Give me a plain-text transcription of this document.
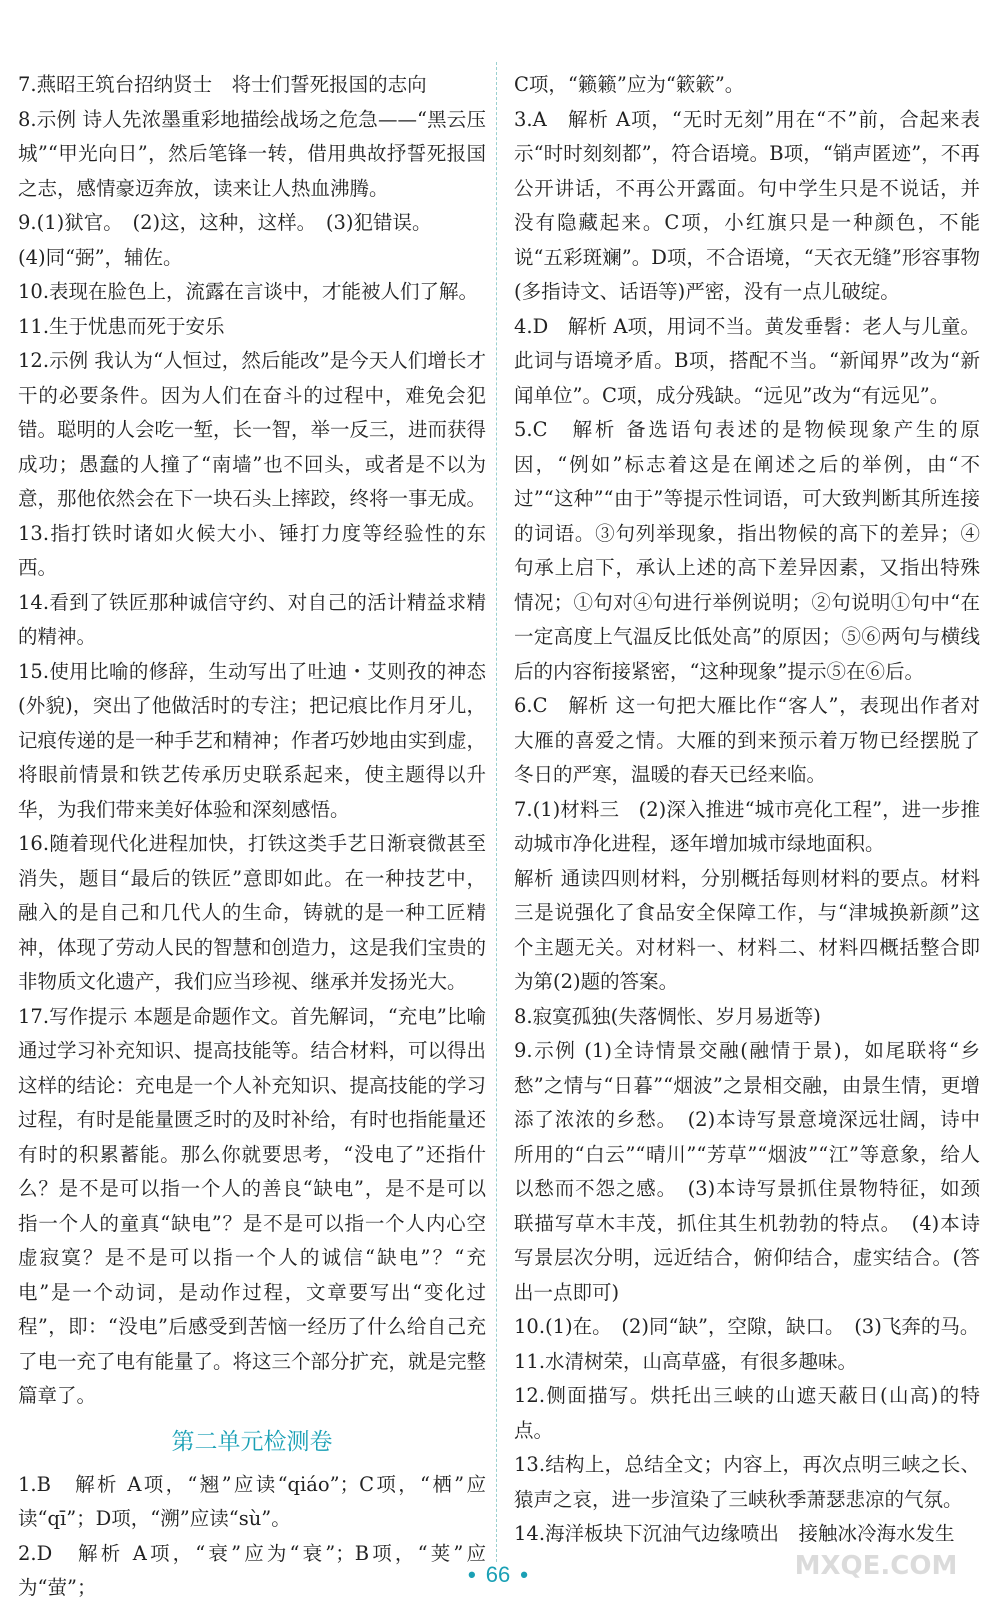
7.燕昭王筑台招纳贤士　将士们誓死报国的志向

8.示例 诗人先浓墨重彩地描绘战场之危急——“黑云压城”“甲光向日”，然后笔锋一转，借用典故抒誓死报国之志，感情豪迈奔放，读来让人热血沸腾。

9.(1)狱官。　(2)这，这种，这样。　(3)犯错误。

(4)同“弼”，辅佐。

10.表现在脸色上，流露在言谈中，才能被人们了解。

11.生于忧患而死于安乐

12.示例 我认为“人恒过，然后能改”是今天人们增长才干的必要条件。因为人们在奋斗的过程中，难免会犯错。聪明的人会吃一堑，长一智，举一反三，进而获得成功；愚蠢的人撞了“南墙”也不回头，或者是不以为意，那他依然会在下一块石头上摔跤，终将一事无成。

13.指打铁时诸如火候大小、锤打力度等经验性的东西。

14.看到了铁匠那种诚信守约、对自己的活计精益求精的精神。

15.使用比喻的修辞，生动写出了吐迪・艾则孜的神态(外貌)，突出了他做活时的专注；把记痕比作月牙儿，记痕传递的是一种手艺和精神；作者巧妙地由实到虚，将眼前情景和铁艺传承历史联系起来，使主题得以升华，为我们带来美好体验和深刻感悟。

16.随着现代化进程加快，打铁这类手艺日渐衰微甚至消失，题目“最后的铁匠”意即如此。在一种技艺中，融入的是自己和几代人的生命，铸就的是一种工匠精神，体现了劳动人民的智慧和创造力，这是我们宝贵的非物质文化遗产，我们应当珍视、继承并发扬光大。

17.写作提示 本题是命题作文。首先解词，“充电”比喻通过学习补充知识、提高技能等。结合材料，可以得出这样的结论：充电是一个人补充知识、提高技能的学习过程，有时是能量匮乏时的及时补给，有时也指能量还有时的积累蓄能。那么你就要思考，“没电了”还指什么？是不是可以指一个人的善良“缺电”，是不是可以指一个人的童真“缺电”？是不是可以指一个人内心空虚寂寞？是不是可以指一个人的诚信“缺电”？“充电”是一个动词，是动作过程，文章要写出“变化过程”，即：“没电”后感受到苦恼一经历了什么给自己充了电一充了电有能量了。将这三个部分扩充，就是完整篇章了。

第二单元检测卷

1.B　解析 A项，“翘”应读“qiáo”；C项，“栖”应读“qī”；D项，“溯”应读“sù”。

2.D　解析 A项，“衰”应为“衰”；B项，“荚”应为“萤”；

C项，“籁籁”应为“簌簌”。

3.A　解析 A项，“无时无刻”用在“不”前，合起来表示“时时刻刻都”，符合语境。B项，“销声匿迹”，不再公开讲话，不再公开露面。句中学生只是不说话，并没有隐藏起来。C项，小红旗只是一种颜色，不能说“五彩斑斓”。D项，不合语境，“天衣无缝”形容事物(多指诗文、话语等)严密，没有一点儿破绽。

4.D　解析 A项，用词不当。黄发垂髫：老人与儿童。此词与语境矛盾。B项，搭配不当。“新闻界”改为“新闻单位”。C项，成分残缺。“远见”改为“有远见”。

5.C　解析 备选语句表述的是物候现象产生的原因，“例如”标志着这是在阐述之后的举例，由“不过”“这种”“由于”等提示性词语，可大致判断其所连接的词语。③句列举现象，指出物候的高下的差异；④句承上启下，承认上述的高下差异因素，又指出特殊情况；①句对④句进行举例说明；②句说明①句中“在一定高度上气温反比低处高”的原因；⑤⑥两句与横线后的内容衔接紧密，“这种现象”提示⑤在⑥后。

6.C　解析 这一句把大雁比作“客人”，表现出作者对大雁的喜爱之情。大雁的到来预示着万物已经摆脱了冬日的严寒，温暖的春天已经来临。

7.(1)材料三　(2)深入推进“城市亮化工程”，进一步推动城市净化进程，逐年增加城市绿地面积。

解析 通读四则材料，分别概括每则材料的要点。材料三是说强化了食品安全保障工作，与“津城换新颜”这个主题无关。对材料一、材料二、材料四概括整合即为第(2)题的答案。

8.寂寞孤独(失落惆怅、岁月易逝等)

9.示例 (1)全诗情景交融(融情于景)，如尾联将“乡愁”之情与“日暮”“烟波”之景相交融，由景生情，更增添了浓浓的乡愁。　(2)本诗写景意境深远壮阔，诗中所用的“白云”“晴川”“芳草”“烟波”“江”等意象，给人以愁而不怨之感。　(3)本诗写景抓住景物特征，如颈联描写草木丰茂，抓住其生机勃勃的特点。　(4)本诗写景层次分明，远近结合，俯仰结合，虚实结合。(答出一点即可)

10.(1)在。　(2)同“缺”，空隙，缺口。　(3)飞奔的马。

11.水清树荣，山高草盛，有很多趣味。

12.侧面描写。烘托出三峡的山遮天蔽日(山高)的特点。

13.结构上，总结全文；内容上，再次点明三峡之长、猿声之哀，进一步渲染了三峡秋季萧瑟悲凉的气氛。

14.海洋板块下沉油气边缘喷出　接触冰冷海水发生

• 66 •	MXQE.COM
